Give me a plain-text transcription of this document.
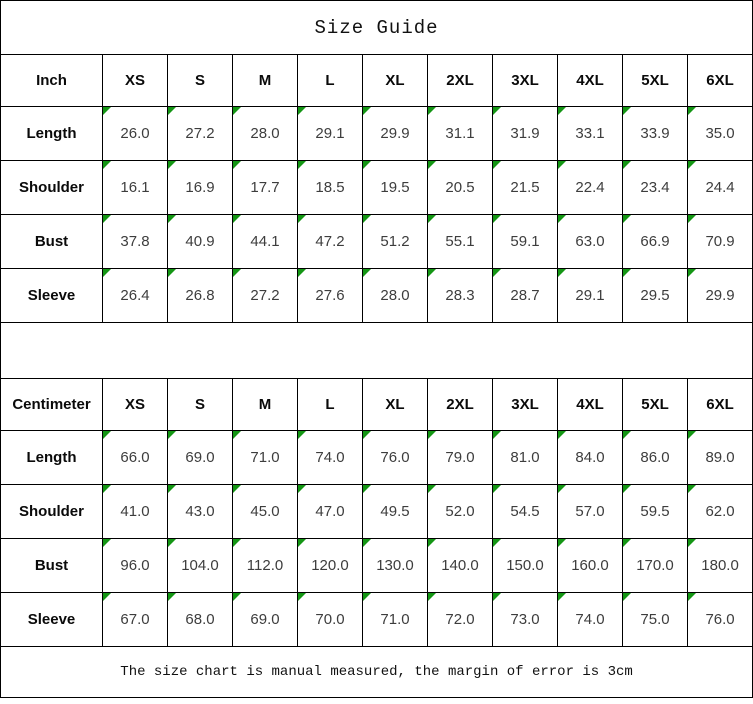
Size Guide										
Inch	XS	S	M	L	XL	2XL	3XL	4XL	5XL	6XL
Length	26.0	27.2	28.0	29.1	29.9	31.1	31.9	33.1	33.9	35.0
Shoulder	16.1	16.9	17.7	18.5	19.5	20.5	21.5	22.4	23.4	24.4
Bust	37.8	40.9	44.1	47.2	51.2	55.1	59.1	63.0	66.9	70.9
Sleeve	26.4	26.8	27.2	27.6	28.0	28.3	28.7	29.1	29.5	29.9

Centimeter	XS	S	M	L	XL	2XL	3XL	4XL	5XL	6XL
Length	66.0	69.0	71.0	74.0	76.0	79.0	81.0	84.0	86.0	89.0
Shoulder	41.0	43.0	45.0	47.0	49.5	52.0	54.5	57.0	59.5	62.0
Bust	96.0	104.0	112.0	120.0	130.0	140.0	150.0	160.0	170.0	180.0
Sleeve	67.0	68.0	69.0	70.0	71.0	72.0	73.0	74.0	75.0	76.0
The size chart is manual measured, the margin of error is 3cm										
